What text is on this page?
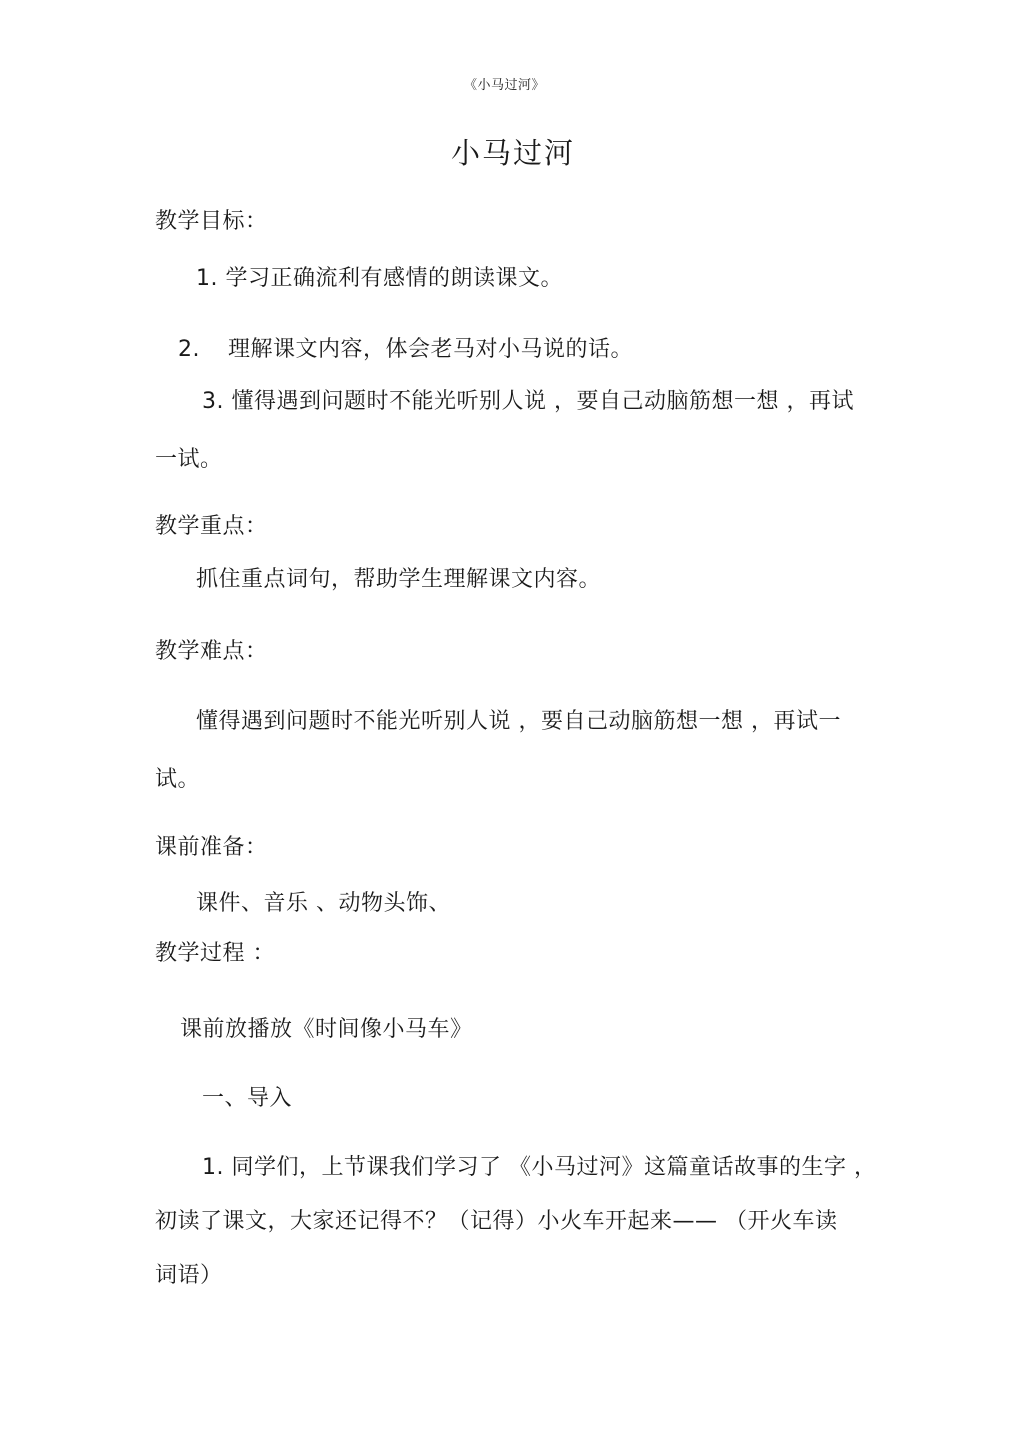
《小马过河》
小马过河
教学目标：
1. 学习正确流利有感情的朗读课文。
2. 理解课文内容，体会老马对小马说的话。
3. 懂得遇到问题时不能光听别人说 ，要自己动脑筋想一想 ，再试
一试。
教学重点：
抓住重点词句，帮助学生理解课文内容。
教学难点：
懂得遇到问题时不能光听别人说 ，要自己动脑筋想一想 ，再试一
试。
课前准备：
课件、音乐 、动物头饰、
教学过程 ：
课前放播放《时间像小马车》
一、导入
1. 同学们，上节课我们学习了 《小马过河》这篇童话故事的生字 ，
初读了课文，大家还记得不？（记得）小火车开起来—— （开火车读
词语）
